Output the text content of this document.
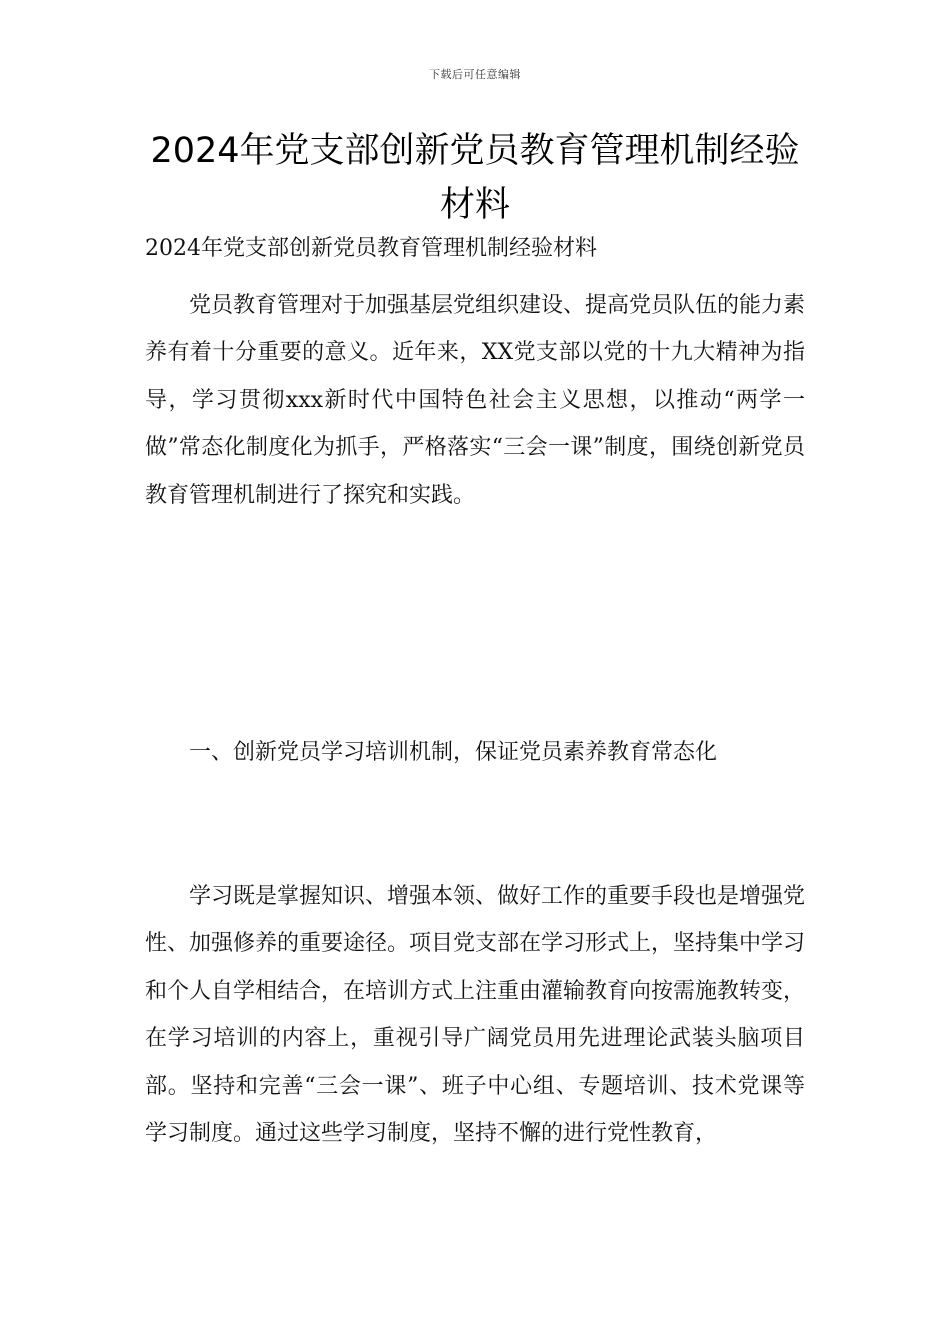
下载后可任意编辑
2024年党支部创新党员教育管理机制经验材料
2024年党支部创新党员教育管理机制经验材料

党员教育管理对于加强基层党组织建设、提高党员队伍的能力素养有着十分重要的意义。近年来，XX党支部以党的十九大精神为指导，学习贯彻xxx新时代中国特色社会主义思想，以推动“两学一做”常态化制度化为抓手，严格落实“三会一课”制度，围绕创新党员教育管理机制进行了探究和实践。

一、创新党员学习培训机制，保证党员素养教育常态化

学习既是掌握知识、增强本领、做好工作的重要手段也是增强党性、加强修养的重要途径。项目党支部在学习形式上，坚持集中学习和个人自学相结合，在培训方式上注重由灌输教育向按需施教转变，在学习培训的内容上，重视引导广阔党员用先进理论武装头脑项目部。坚持和完善“三会一课”、班子中心组、专题培训、技术党课等学习制度。通过这些学习制度，坚持不懈的进行党性教育，
